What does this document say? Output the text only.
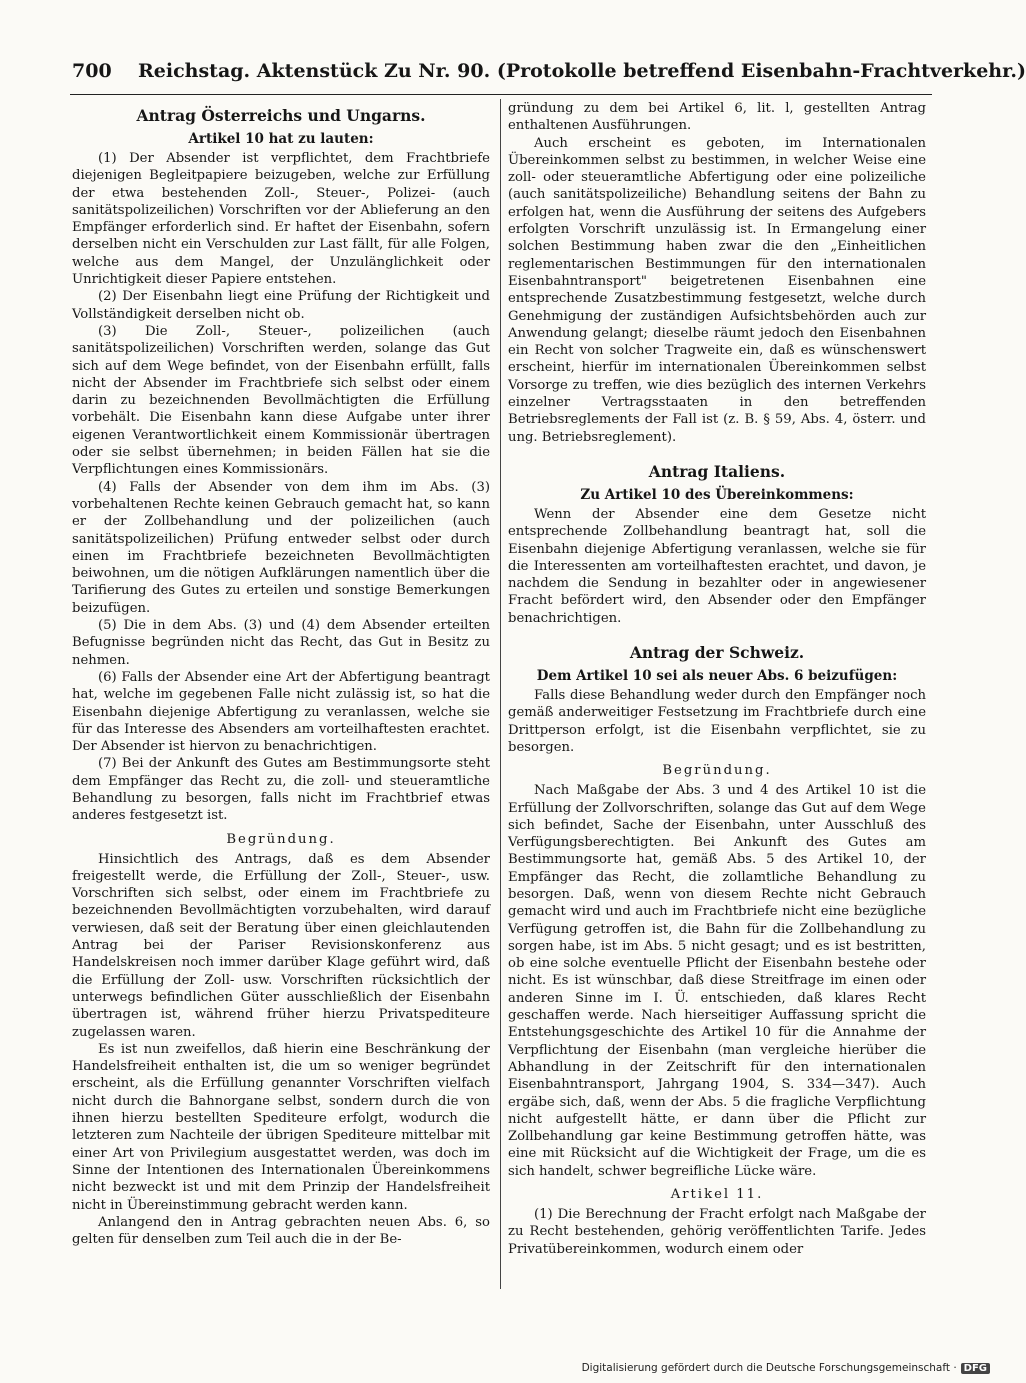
700 Reichstag. Aktenstück Zu Nr. 90. (Protokolle betreffend Eisenbahn-Frachtverkehr.)
Antrag Österreichs und Ungarns.
Artikel 10 hat zu lauten:

(1) Der Absender ist verpflichtet, dem Frachtbriefe diejenigen Begleitpapiere beizugeben, welche zur Erfüllung der etwa bestehenden Zoll-, Steuer-, Polizei- (auch sanitätspolizeilichen) Vorschriften vor der Ablieferung an den Empfänger erforderlich sind. Er haftet der Eisenbahn, sofern derselben nicht ein Verschulden zur Last fällt, für alle Folgen, welche aus dem Mangel, der Unzulänglichkeit oder Unrichtigkeit dieser Papiere entstehen.

(2) Der Eisenbahn liegt eine Prüfung der Richtigkeit und Vollständigkeit derselben nicht ob.

(3) Die Zoll-, Steuer-, polizeilichen (auch sanitätspolizeilichen) Vorschriften werden, solange das Gut sich auf dem Wege befindet, von der Eisenbahn erfüllt, falls nicht der Absender im Frachtbriefe sich selbst oder einem darin zu bezeichnenden Bevollmächtigten die Erfüllung vorbehält. Die Eisenbahn kann diese Aufgabe unter ihrer eigenen Verantwortlichkeit einem Kommissionär übertragen oder sie selbst übernehmen; in beiden Fällen hat sie die Verpflichtungen eines Kommissionärs.

(4) Falls der Absender von dem ihm im Abs. (3) vorbehaltenen Rechte keinen Gebrauch gemacht hat, so kann er der Zollbehandlung und der polizeilichen (auch sanitätspolizeilichen) Prüfung entweder selbst oder durch einen im Frachtbriefe bezeichneten Bevollmächtigten beiwohnen, um die nötigen Aufklärungen namentlich über die Tarifierung des Gutes zu erteilen und sonstige Bemerkungen beizufügen.

(5) Die in dem Abs. (3) und (4) dem Absender erteilten Befugnisse begründen nicht das Recht, das Gut in Besitz zu nehmen.

(6) Falls der Absender eine Art der Abfertigung beantragt hat, welche im gegebenen Falle nicht zulässig ist, so hat die Eisenbahn diejenige Abfertigung zu veranlassen, welche sie für das Interesse des Absenders am vorteilhaftesten erachtet. Der Absender ist hiervon zu benachrichtigen.

(7) Bei der Ankunft des Gutes am Bestimmungsorte steht dem Empfänger das Recht zu, die zoll- und steueramtliche Behandlung zu besorgen, falls nicht im Frachtbrief etwas anderes festgesetzt ist.

Begründung.

Hinsichtlich des Antrags, daß es dem Absender freigestellt werde, die Erfüllung der Zoll-, Steuer-, usw. Vorschriften sich selbst, oder einem im Frachtbriefe zu bezeichnenden Bevollmächtigten vorzubehalten, wird darauf verwiesen, daß seit der Beratung über einen gleichlautenden Antrag bei der Pariser Revisionskonferenz aus Handelskreisen noch immer darüber Klage geführt wird, daß die Erfüllung der Zoll- usw. Vorschriften rücksichtlich der unterwegs befindlichen Güter ausschließlich der Eisenbahn übertragen ist, während früher hierzu Privatspediteure zugelassen waren.

Es ist nun zweifellos, daß hierin eine Beschränkung der Handelsfreiheit enthalten ist, die um so weniger begründet erscheint, als die Erfüllung genannter Vorschriften vielfach nicht durch die Bahnorgane selbst, sondern durch die von ihnen hierzu bestellten Spediteure erfolgt, wodurch die letzteren zum Nachteile der übrigen Spediteure mittelbar mit einer Art von Privilegium ausgestattet werden, was doch im Sinne der Intentionen des Internationalen Übereinkommens nicht bezweckt ist und mit dem Prinzip der Handelsfreiheit nicht in Übereinstimmung gebracht werden kann.

Anlangend den in Antrag gebrachten neuen Abs. 6, so gelten für denselben zum Teil auch die in der Be-

gründung zu dem bei Artikel 6, lit. l, gestellten Antrag enthaltenen Ausführungen.

Auch erscheint es geboten, im Internationalen Übereinkommen selbst zu bestimmen, in welcher Weise eine zoll- oder steueramtliche Abfertigung oder eine polizeiliche (auch sanitätspolizeiliche) Behandlung seitens der Bahn zu erfolgen hat, wenn die Ausführung der seitens des Aufgebers erfolgten Vorschrift unzulässig ist. In Ermangelung einer solchen Bestimmung haben zwar die den „Einheitlichen reglementarischen Bestimmungen für den internationalen Eisenbahntransport" beigetretenen Eisenbahnen eine entsprechende Zusatzbestimmung festgesetzt, welche durch Genehmigung der zuständigen Aufsichtsbehörden auch zur Anwendung gelangt; dieselbe räumt jedoch den Eisenbahnen ein Recht von solcher Tragweite ein, daß es wünschenswert erscheint, hierfür im internationalen Übereinkommen selbst Vorsorge zu treffen, wie dies bezüglich des internen Verkehrs einzelner Vertragsstaaten in den betreffenden Betriebsreglements der Fall ist (z. B. § 59, Abs. 4, österr. und ung. Betriebsreglement).

Antrag Italiens.
Zu Artikel 10 des Übereinkommens:

Wenn der Absender eine dem Gesetze nicht entsprechende Zollbehandlung beantragt hat, soll die Eisenbahn diejenige Abfertigung veranlassen, welche sie für die Interessenten am vorteilhaftesten erachtet, und davon, je nachdem die Sendung in bezahlter oder in angewiesener Fracht befördert wird, den Absender oder den Empfänger benachrichtigen.

Antrag der Schweiz.
Dem Artikel 10 sei als neuer Abs. 6 beizufügen:

Falls diese Behandlung weder durch den Empfänger noch gemäß anderweitiger Festsetzung im Frachtbriefe durch eine Drittperson erfolgt, ist die Eisenbahn verpflichtet, sie zu besorgen.

Begründung.

Nach Maßgabe der Abs. 3 und 4 des Artikel 10 ist die Erfüllung der Zollvorschriften, solange das Gut auf dem Wege sich befindet, Sache der Eisenbahn, unter Ausschluß des Verfügungsberechtigten. Bei Ankunft des Gutes am Bestimmungsorte hat, gemäß Abs. 5 des Artikel 10, der Empfänger das Recht, die zollamtliche Behandlung zu besorgen. Daß, wenn von diesem Rechte nicht Gebrauch gemacht wird und auch im Frachtbriefe nicht eine bezügliche Verfügung getroffen ist, die Bahn für die Zollbehandlung zu sorgen habe, ist im Abs. 5 nicht gesagt; und es ist bestritten, ob eine solche eventuelle Pflicht der Eisenbahn bestehe oder nicht. Es ist wünschbar, daß diese Streitfrage im einen oder anderen Sinne im I. Ü. entschieden, daß klares Recht geschaffen werde. Nach hierseitiger Auffassung spricht die Entstehungsgeschichte des Artikel 10 für die Annahme der Verpflichtung der Eisenbahn (man vergleiche hierüber die Abhandlung in der Zeitschrift für den internationalen Eisenbahntransport, Jahrgang 1904, S. 334—347). Auch ergäbe sich, daß, wenn der Abs. 5 die fragliche Verpflichtung nicht aufgestellt hätte, er dann über die Pflicht zur Zollbehandlung gar keine Bestimmung getroffen hätte, was eine mit Rücksicht auf die Wichtigkeit der Frage, um die es sich handelt, schwer begreifliche Lücke wäre.

Artikel 11.

(1) Die Berechnung der Fracht erfolgt nach Maßgabe der zu Recht bestehenden, gehörig veröffentlichten Tarife. Jedes Privatübereinkommen, wodurch einem oder

Digitalisierung gefördert durch die Deutsche Forschungsgemeinschaft · DFG
